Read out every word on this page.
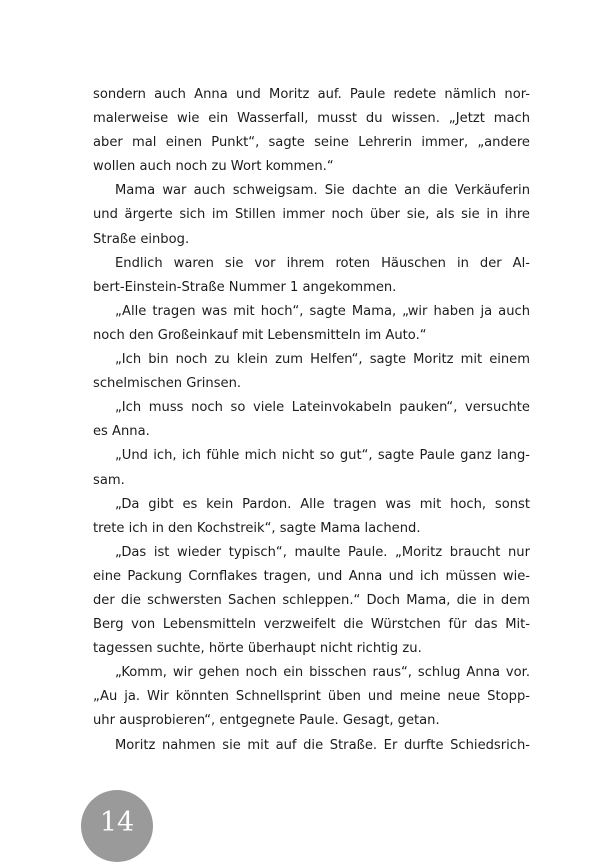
sondern auch Anna und Moritz auf. Paule redete nämlich nor-
malerweise wie ein Wasserfall, musst du wissen. „Jetzt mach
aber mal einen Punkt“, sagte seine Lehrerin immer, „andere
wollen auch noch zu Wort kommen.“
Mama war auch schweigsam. Sie dachte an die Verkäuferin
und ärgerte sich im Stillen immer noch über sie, als sie in ihre
Straße einbog.
Endlich waren sie vor ihrem roten Häuschen in der Al-
bert-Einstein-Straße Nummer 1 angekommen.
„Alle tragen was mit hoch“, sagte Mama, „wir haben ja auch
noch den Großeinkauf mit Lebensmitteln im Auto.“
„Ich bin noch zu klein zum Helfen“, sagte Moritz mit einem
schelmischen Grinsen.
„Ich muss noch so viele Lateinvokabeln pauken“, versuchte
es Anna.
„Und ich, ich fühle mich nicht so gut“, sagte Paule ganz lang-
sam.
„Da gibt es kein Pardon. Alle tragen was mit hoch, sonst
trete ich in den Kochstreik“, sagte Mama lachend.
„Das ist wieder typisch“, maulte Paule. „Moritz braucht nur
eine Packung Cornflakes tragen, und Anna und ich müssen wie-
der die schwersten Sachen schleppen.“ Doch Mama, die in dem
Berg von Lebensmitteln verzweifelt die Würstchen für das Mit-
tagessen suchte, hörte überhaupt nicht richtig zu.
„Komm, wir gehen noch ein bisschen raus“, schlug Anna vor.
„Au ja. Wir könnten Schnellsprint üben und meine neue Stopp-
uhr ausprobieren“, entgegnete Paule. Gesagt, getan.
Moritz nahmen sie mit auf die Straße. Er durfte Schiedsrich-
14
